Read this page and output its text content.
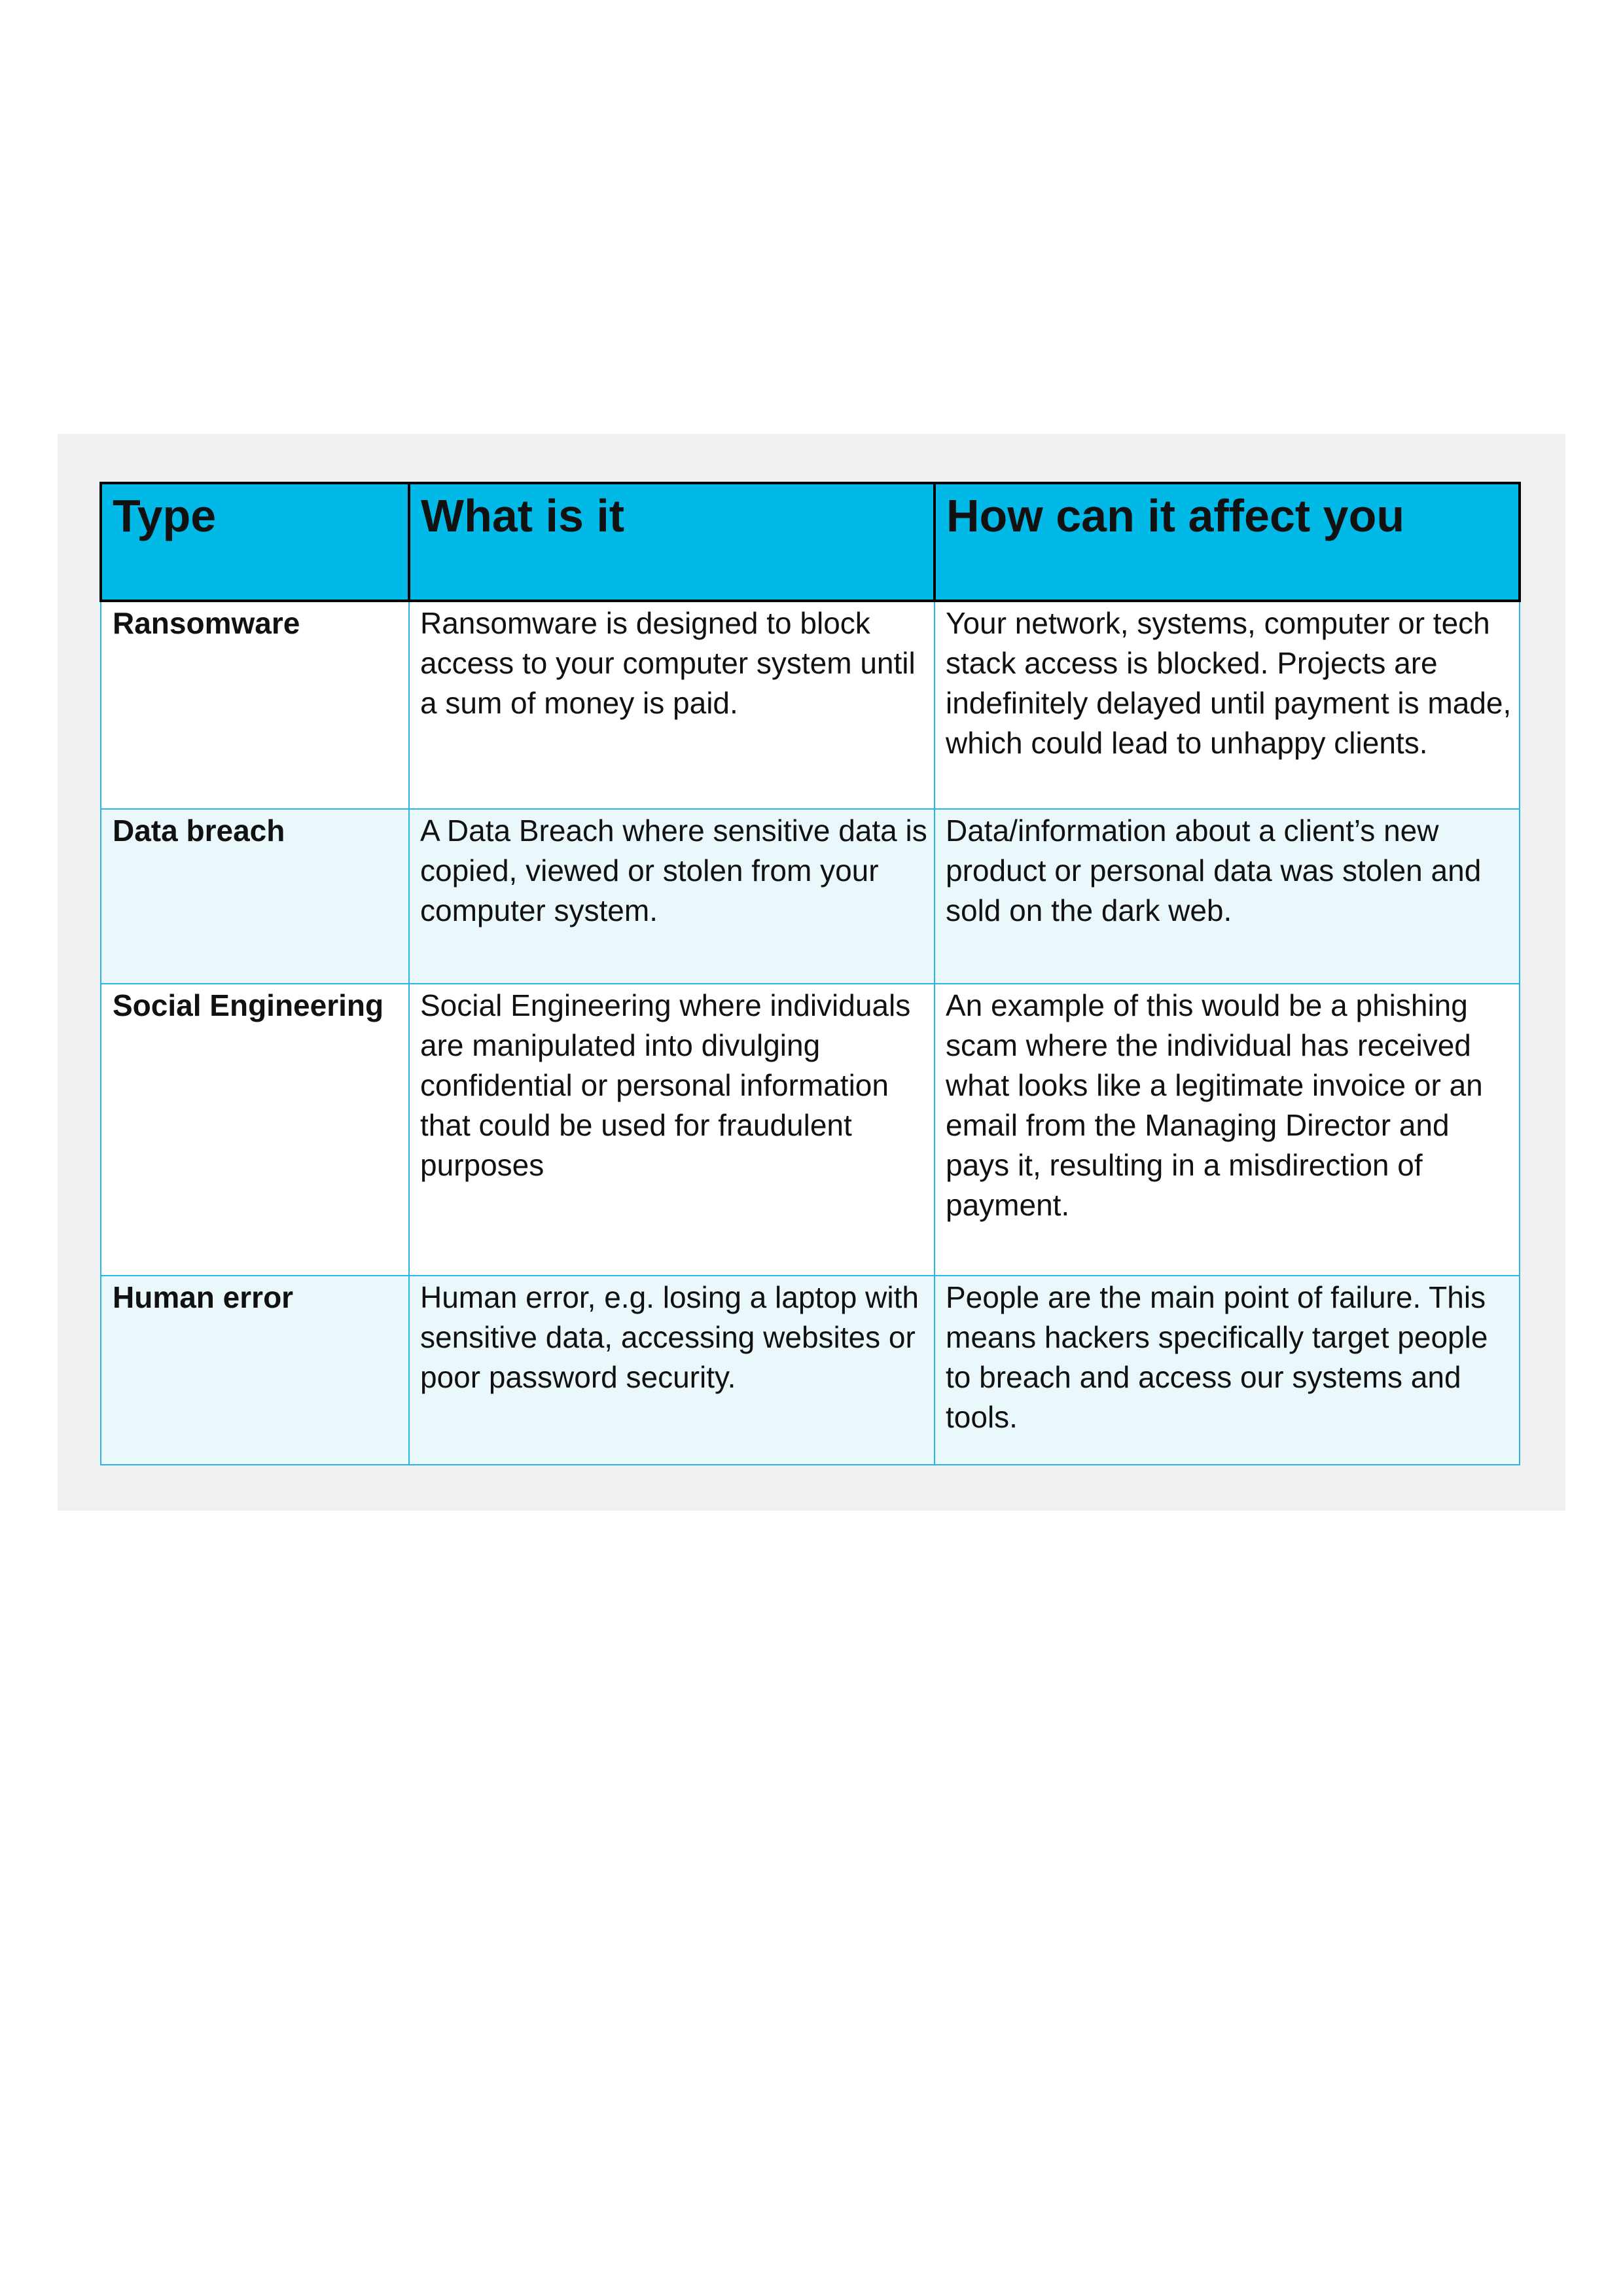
Type	What is it	How can it affect you
Ransomware	Ransomware is designed to block access to your computer system until a sum of money is paid.	Your network, systems, computer or tech stack access is blocked. Projects are indefinitely delayed until payment is made, which could lead to unhappy clients.
Data breach	A Data Breach where sensitive data is copied, viewed or stolen from your computer system.	Data/information about a client’s new product or personal data was stolen and sold on the dark web.
Social Engineering	Social Engineering where individuals are manipulated into divulging confidential or personal information that could be used for fraudulent purposes	An example of this would be a phishing scam where the individual has received what looks like a legitimate invoice or an email from the Managing Director and pays it, resulting in a misdirection of payment.
Human error	Human error, e.g. losing a laptop with sensitive data, accessing websites or poor password security.	People are the main point of failure. This means hackers specifically target people to breach and access our systems and tools.
